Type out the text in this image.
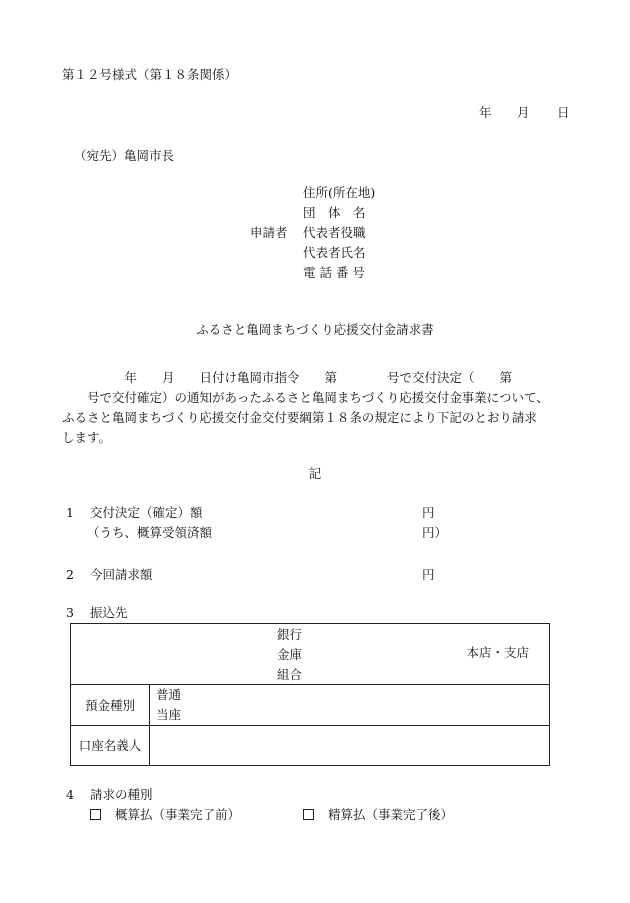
第１２号様式（第１８条関係）
年 月 日
（宛先）亀岡市長
申請者
住所(所在地)
団　体　名
代表者役職
代表者氏名
電 話 番 号
ふるさと亀岡まちづくり応援交付金請求書
　　　　　年　　月　　日付け亀岡市指令　　第　　　　号で交付決定（　　第
　　号で交付確定）の通知があったふるさと亀岡まちづくり応援交付金事業について、
ふるさと亀岡まちづくり応援交付金交付要綱第１８条の規定により下記のとおり請求
します。
記
1 交付決定（確定）額	円
（うち、概算受領済額	円）
2 今回請求額	円
3 振込先
銀行
金庫
組合
本店・支店	

預金種別	普通
当座

口座名義人	
4 請求の種別
概算払（事業完了前）	精算払（事業完了後）
